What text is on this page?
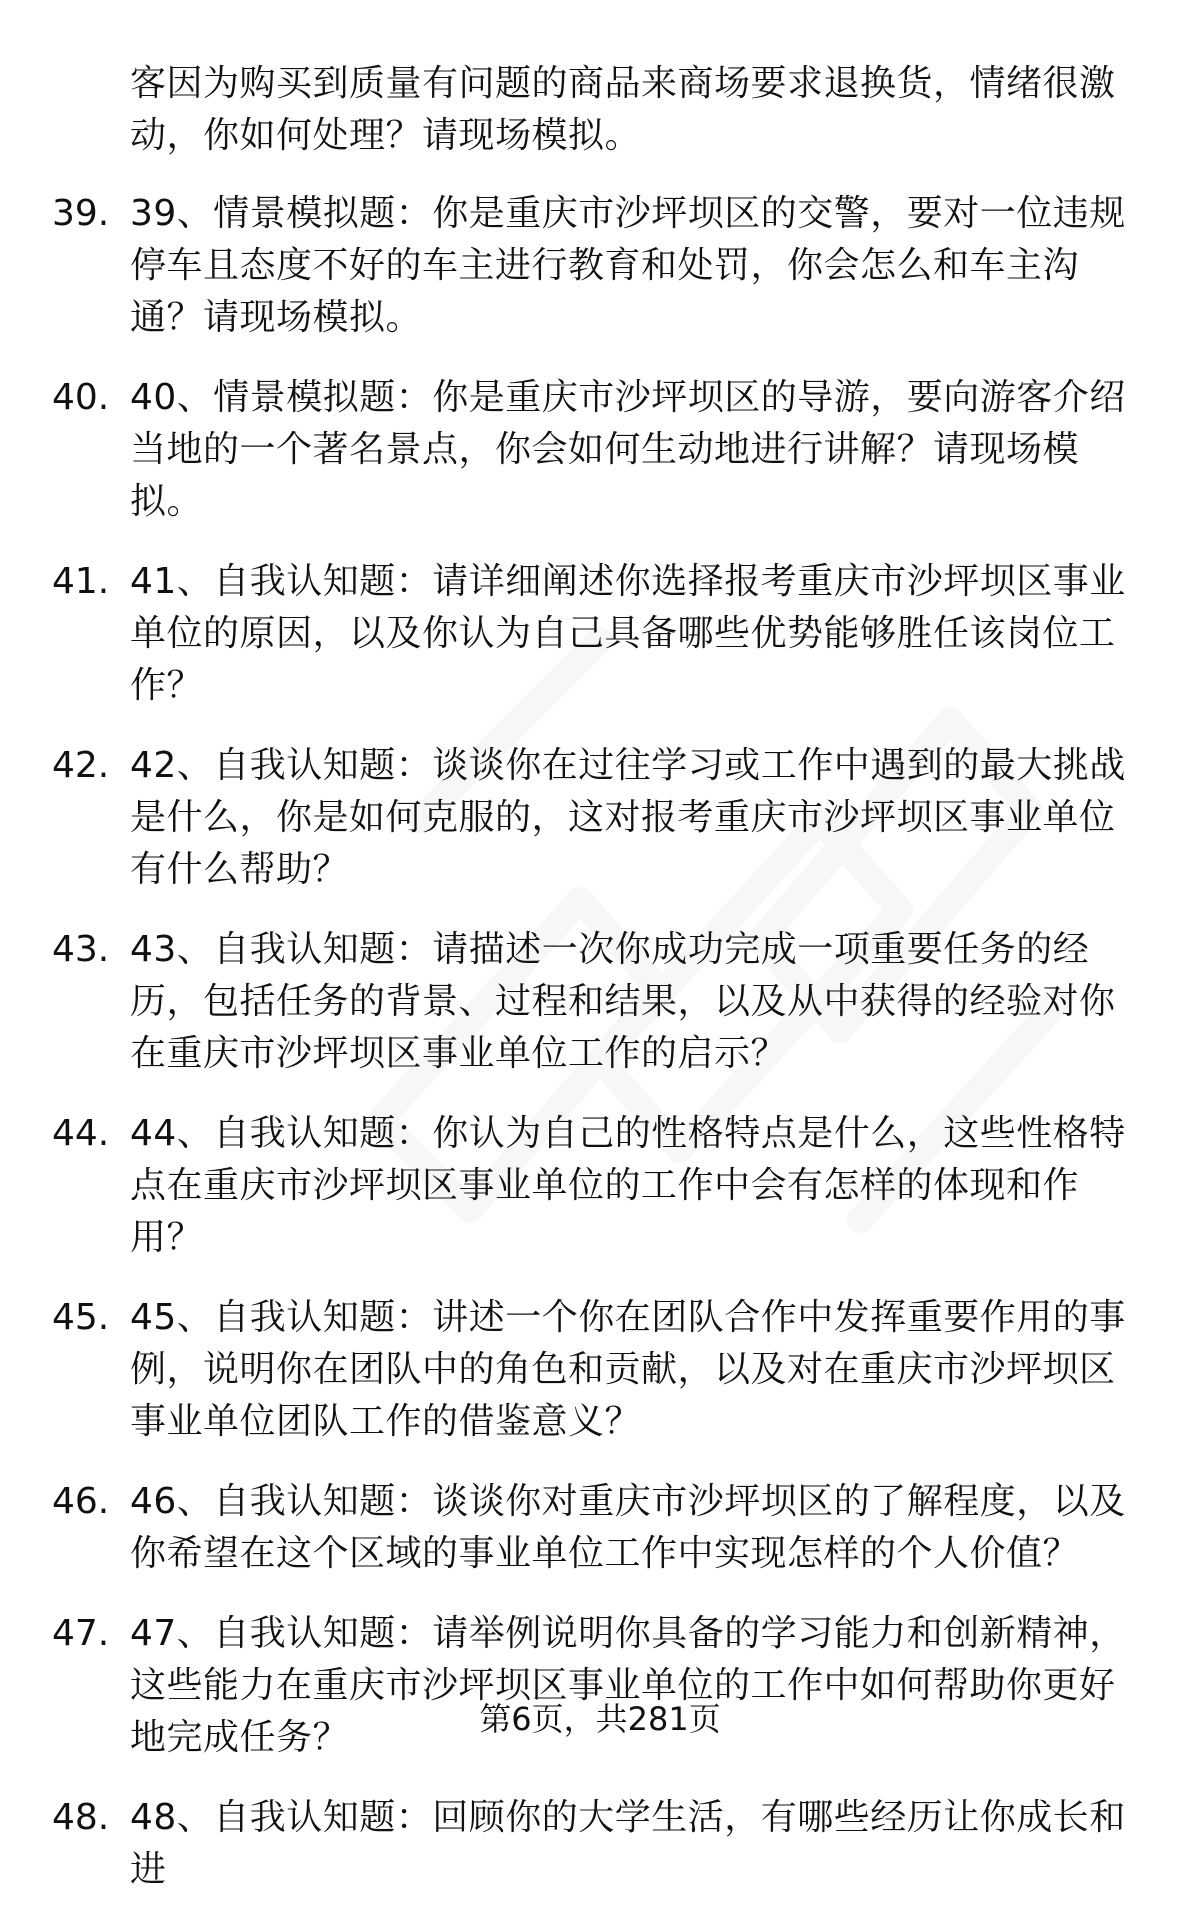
客因为购买到质量有问题的商品来商场要求退换货，情绪很激动，你如何处理？请现场模拟。
39. 39、情景模拟题：你是重庆市沙坪坝区的交警，要对一位违规停车且态度不好的车主进行教育和处罚，你会怎么和车主沟通？请现场模拟。
40. 40、情景模拟题：你是重庆市沙坪坝区的导游，要向游客介绍当地的一个著名景点，你会如何生动地进行讲解？请现场模拟。
41. 41、自我认知题：请详细阐述你选择报考重庆市沙坪坝区事业单位的原因，以及你认为自己具备哪些优势能够胜任该岗位工作？
42. 42、自我认知题：谈谈你在过往学习或工作中遇到的最大挑战是什么，你是如何克服的，这对报考重庆市沙坪坝区事业单位有什么帮助？
43. 43、自我认知题：请描述一次你成功完成一项重要任务的经历，包括任务的背景、过程和结果，以及从中获得的经验对你在重庆市沙坪坝区事业单位工作的启示？
44. 44、自我认知题：你认为自己的性格特点是什么，这些性格特点在重庆市沙坪坝区事业单位的工作中会有怎样的体现和作用？
45. 45、自我认知题：讲述一个你在团队合作中发挥重要作用的事例，说明你在团队中的角色和贡献，以及对在重庆市沙坪坝区事业单位团队工作的借鉴意义？
46. 46、自我认知题：谈谈你对重庆市沙坪坝区的了解程度，以及你希望在这个区域的事业单位工作中实现怎样的个人价值？
47. 47、自我认知题：请举例说明你具备的学习能力和创新精神，这些能力在重庆市沙坪坝区事业单位的工作中如何帮助你更好地完成任务？
48. 48、自我认知题：回顾你的大学生活，有哪些经历让你成长和进
第6页，共281页
